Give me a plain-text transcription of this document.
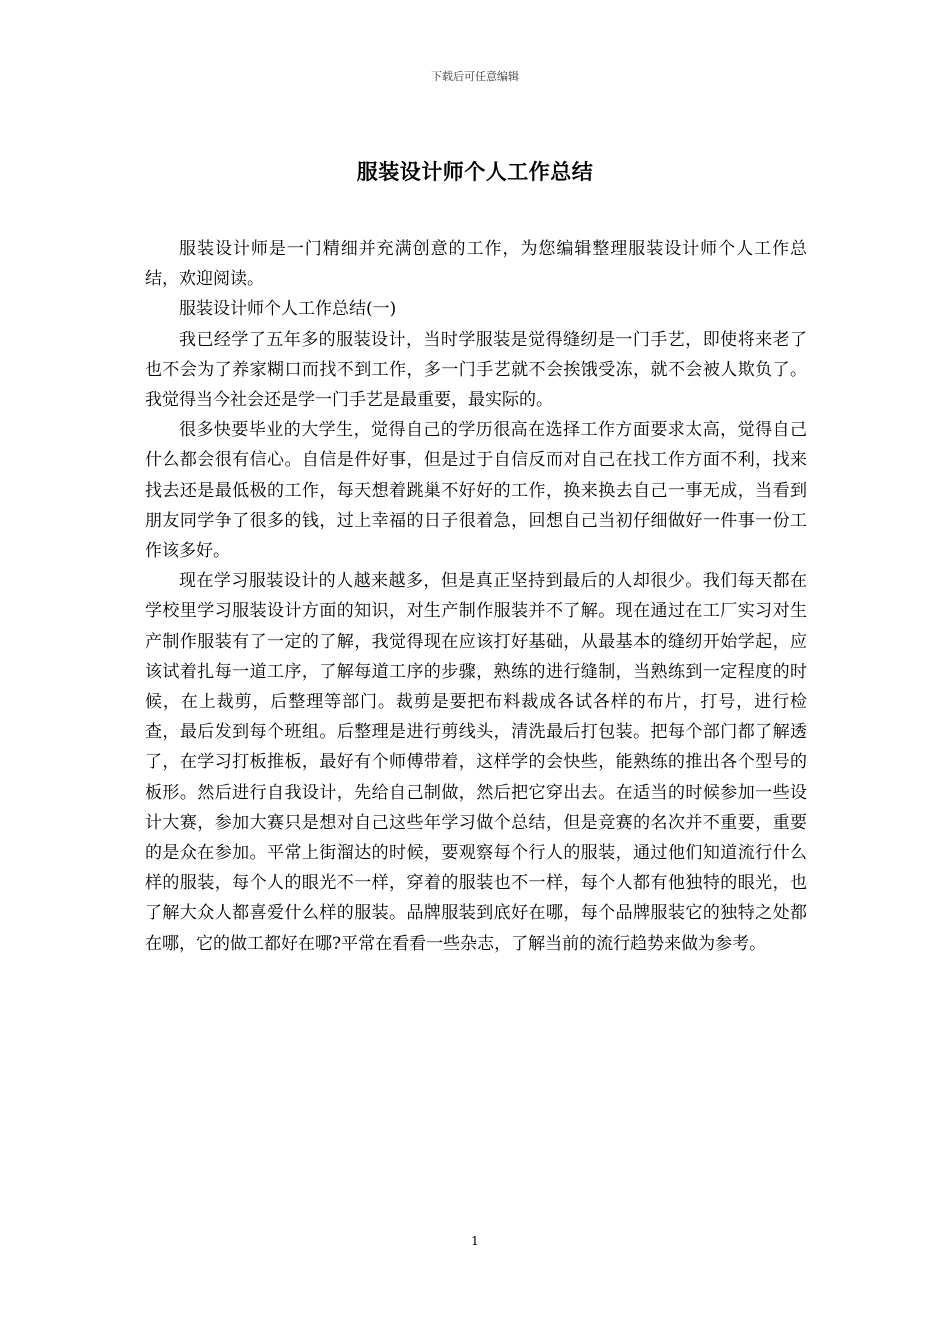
下载后可任意编辑
服装设计师个人工作总结

服装设计师是一门精细并充满创意的工作，为您编辑整理服装设计师个人工作总结，欢迎阅读。

服装设计师个人工作总结(一)

我已经学了五年多的服装设计，当时学服装是觉得缝纫是一门手艺，即使将来老了也不会为了养家糊口而找不到工作，多一门手艺就不会挨饿受冻，就不会被人欺负了。我觉得当今社会还是学一门手艺是最重要，最实际的。

很多快要毕业的大学生，觉得自己的学历很高在选择工作方面要求太高，觉得自己什么都会很有信心。自信是件好事，但是过于自信反而对自己在找工作方面不利，找来找去还是最低极的工作，每天想着跳巢不好好的工作，换来换去自己一事无成，当看到朋友同学争了很多的钱，过上幸福的日子很着急，回想自己当初仔细做好一件事一份工作该多好。

现在学习服装设计的人越来越多，但是真正坚持到最后的人却很少。我们每天都在学校里学习服装设计方面的知识，对生产制作服装并不了解。现在通过在工厂实习对生产制作服装有了一定的了解，我觉得现在应该打好基础，从最基本的缝纫开始学起，应该试着扎每一道工序，了解每道工序的步骤，熟练的进行缝制，当熟练到一定程度的时候，在上裁剪，后整理等部门。裁剪是要把布料裁成各试各样的布片，打号，进行检查，最后发到每个班组。后整理是进行剪线头，清洗最后打包装。把每个部门都了解透了，在学习打板推板，最好有个师傅带着，这样学的会快些，能熟练的推出各个型号的板形。然后进行自我设计，先给自己制做，然后把它穿出去。在适当的时候参加一些设计大赛，参加大赛只是想对自己这些年学习做个总结，但是竞赛的名次并不重要，重要的是众在参加。平常上街溜达的时候，要观察每个行人的服装，通过他们知道流行什么样的服装，每个人的眼光不一样，穿着的服装也不一样，每个人都有他独特的眼光，也了解大众人都喜爱什么样的服装。品牌服装到底好在哪，每个品牌服装它的独特之处都在哪，它的做工都好在哪?平常在看看一些杂志，了解当前的流行趋势来做为参考。

1
